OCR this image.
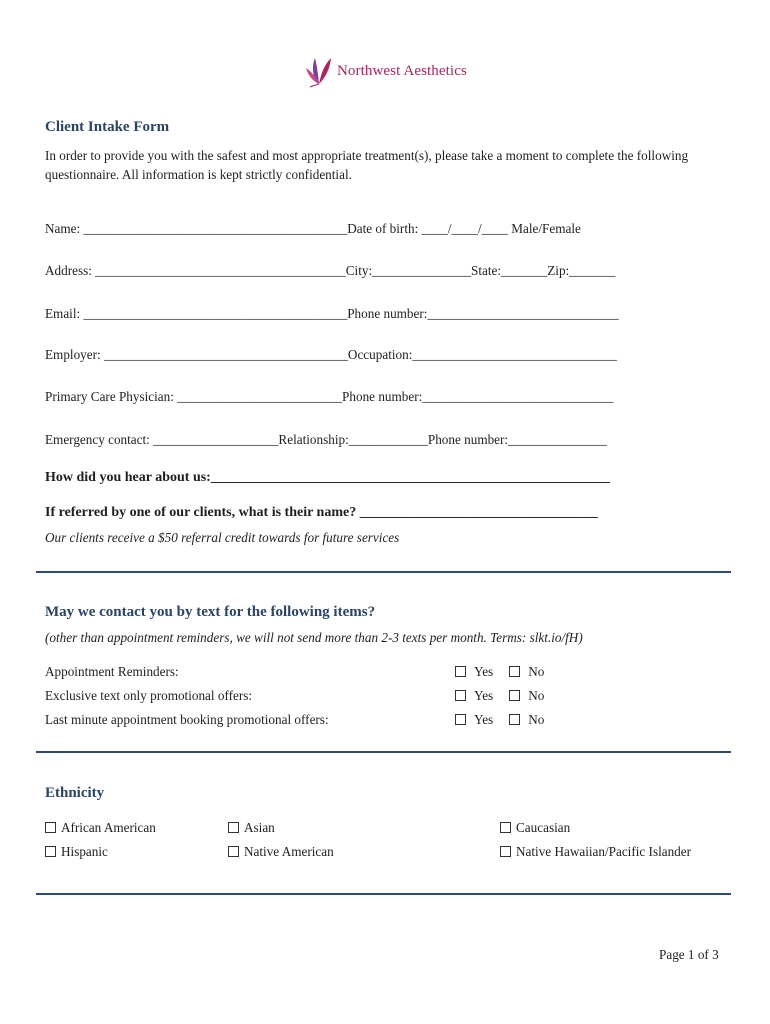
Northwest Aesthetics
Client Intake Form
In order to provide you with the safest and most appropriate treatment(s), please take a moment to complete the following questionnaire. All information is kept strictly confidential.
Name: ________________________________________Date of birth: ____/____/____ Male/Female
Address: ______________________________________City:_______________State:_______Zip:_______
Email: ________________________________________Phone number:_____________________________
Employer: _____________________________________Occupation:_______________________________
Primary Care Physician: _________________________Phone number:_____________________________
Emergency contact: ___________________Relationship:____________Phone number:_______________
How did you hear about us:_________________________________________________________
If referred by one of our clients, what is their name? __________________________________
Our clients receive a $50 referral credit towards for future services
May we contact you by text for the following items?
(other than appointment reminders, we will not send more than 2-3 texts per month. Terms: slkt.io/fH)
Appointment Reminders:	Yes	No
Exclusive text only promotional offers:	Yes	No
Last minute appointment booking promotional offers:	Yes	No
Ethnicity
African American	Asian	Caucasian
Hispanic	Native American	Native Hawaiian/Pacific Islander
Page 1 of 3
